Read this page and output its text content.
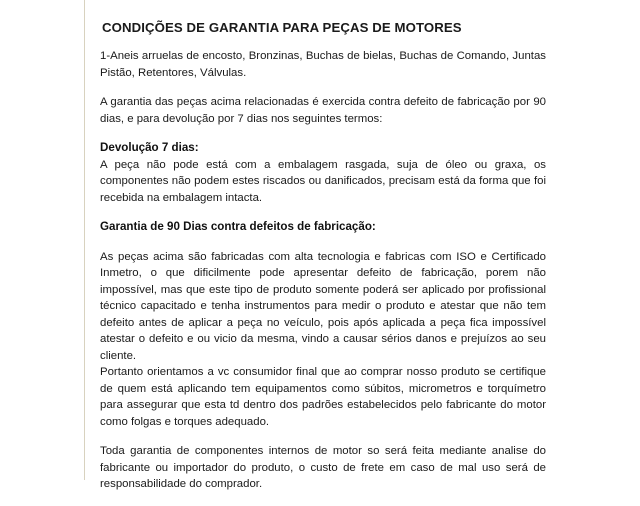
CONDIÇÕES DE GARANTIA PARA PEÇAS DE MOTORES

1-Aneis arruelas de encosto, Bronzinas, Buchas de bielas, Buchas de Comando, Juntas Pistão, Retentores, Válvulas.

A garantia das peças acima relacionadas é exercida contra defeito de fabricação por 90 dias, e para devolução por 7 dias nos seguintes termos:

Devolução 7 dias:

A peça não pode está com a embalagem rasgada, suja de óleo ou graxa, os componentes não podem estes riscados ou danificados, precisam está da forma que foi recebida na embalagem intacta.

Garantia de 90 Dias contra defeitos de fabricação:

As peças acima são fabricadas com alta tecnologia e fabricas com ISO e Certificado Inmetro, o que dificilmente pode apresentar defeito de fabricação, porem não impossível, mas que este tipo de produto somente poderá ser aplicado por profissional técnico capacitado e tenha instrumentos para medir o produto e atestar que não tem defeito antes de aplicar a peça no veículo, pois após aplicada a peça fica impossível atestar o defeito e ou vicio da mesma, vindo a causar sérios danos e prejuízos ao seu cliente.

Portanto orientamos a vc consumidor final que ao comprar nosso produto se certifique de quem está aplicando tem equipamentos como súbitos, micrometros e torquímetro para assegurar que esta td dentro dos padrões estabelecidos pelo fabricante do motor como folgas e torques adequado.

Toda garantia de componentes internos de motor so será feita mediante analise do fabricante ou importador do produto, o custo de frete em caso de mal uso será de responsabilidade do comprador.
